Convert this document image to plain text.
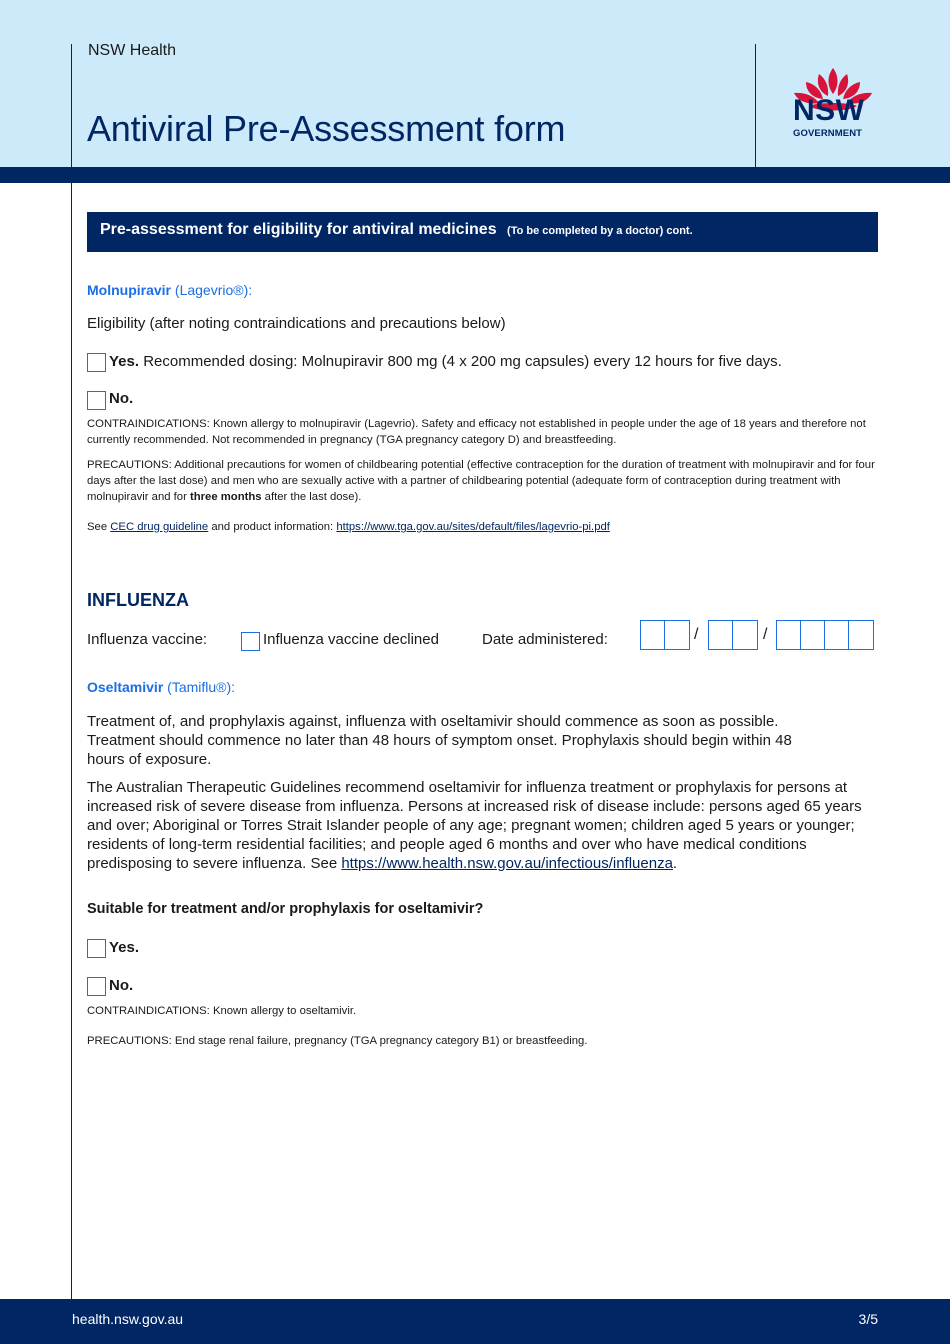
NSW Health
Antiviral Pre-Assessment form	NSW
GOVERNMENT
Pre-assessment for eligibility for antiviral medicines (To be completed by a doctor) cont.
Molnupiravir (Lagevrio®):
Eligibility (after noting contraindications and precautions below)
Yes. Recommended dosing: Molnupiravir 800 mg (4 x 200 mg capsules) every 12 hours for five days.
No.
CONTRAINDICATIONS: Known allergy to molnupiravir (Lagevrio). Safety and efficacy not established in people under the age of 18 years and therefore not currently recommended. Not recommended in pregnancy (TGA pregnancy category D) and breastfeeding.
PRECAUTIONS: Additional precautions for women of childbearing potential (effective contraception for the duration of treatment with molnupiravir and for four days after the last dose) and men who are sexually active with a partner of childbearing potential (adequate form of contraception during treatment with molnupiravir and for three months after the last dose).
See CEC drug guideline and product information: https://www.tga.gov.au/sites/default/files/lagevrio-pi.pdf
INFLUENZA
Influenza vaccine:	Influenza vaccine declined	Date administered:	/	/
Oseltamivir (Tamiflu®):
Treatment of, and prophylaxis against, influenza with oseltamivir should commence as soon as possible. Treatment should commence no later than 48 hours of symptom onset. Prophylaxis should begin within 48 hours of exposure.
The Australian Therapeutic Guidelines recommend oseltamivir for influenza treatment or prophylaxis for persons at increased risk of severe disease from influenza. Persons at increased risk of disease include: persons aged 65 years and over; Aboriginal or Torres Strait Islander people of any age; pregnant women; children aged 5 years or younger; residents of long-term residential facilities; and people aged 6 months and over who have medical conditions predisposing to severe influenza. See https://www.health.nsw.gov.au/infectious/influenza.
Suitable for treatment and/or prophylaxis for oseltamivir?
Yes.
No.
CONTRAINDICATIONS: Known allergy to oseltamivir.
PRECAUTIONS: End stage renal failure, pregnancy (TGA pregnancy category B1) or breastfeeding.
health.nsw.gov.au	3/5
